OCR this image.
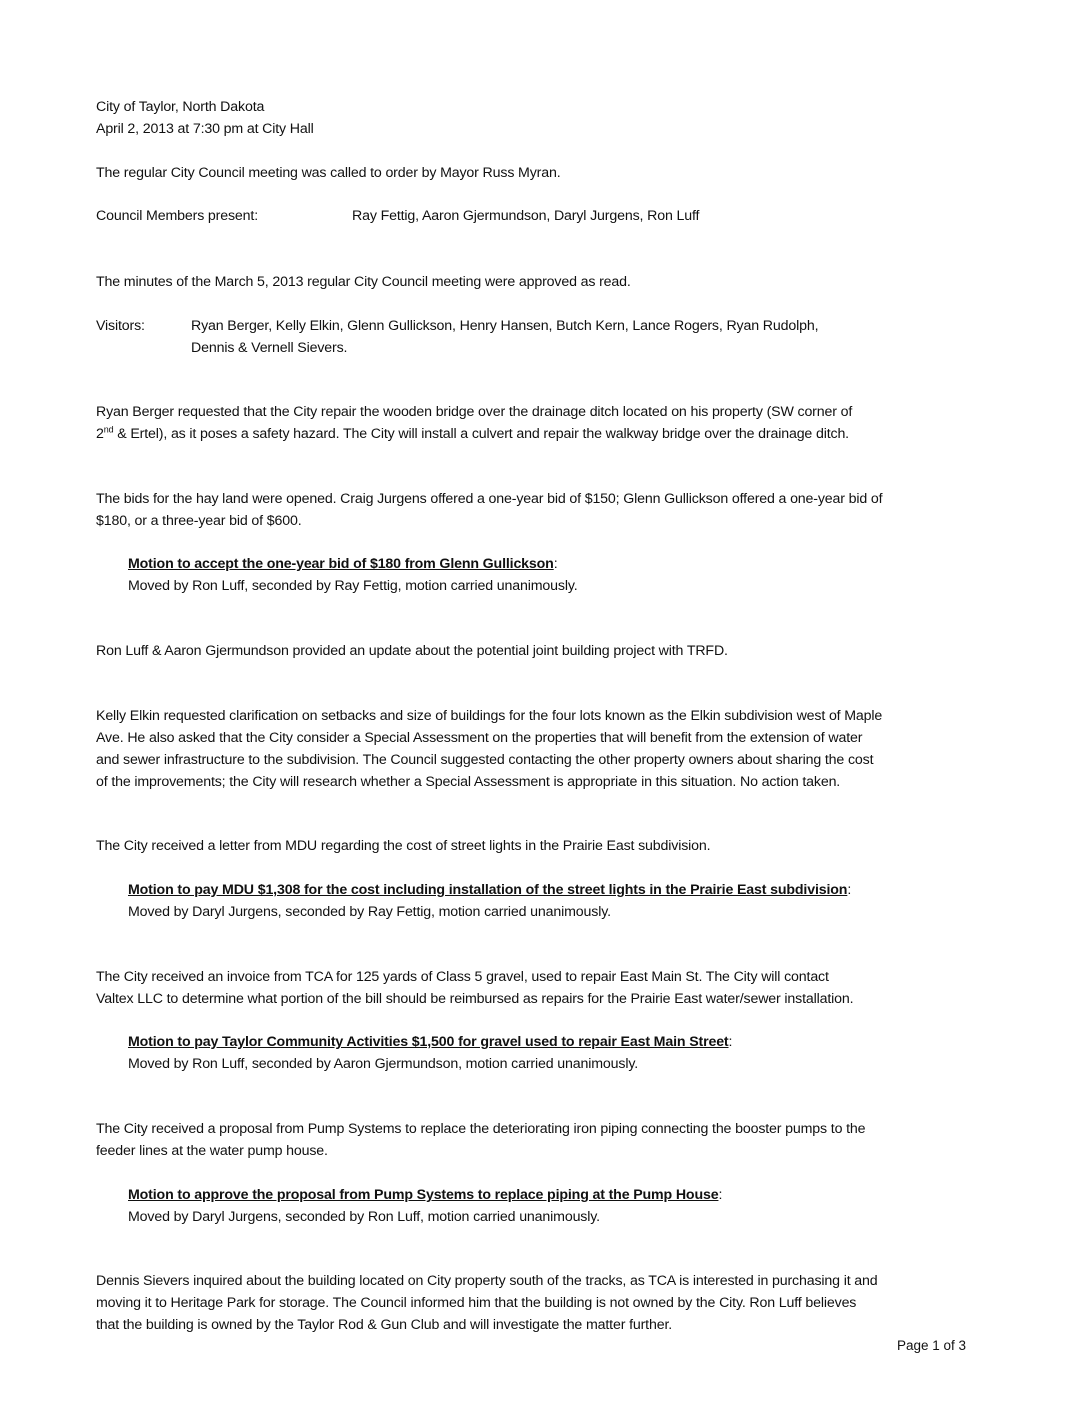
City of Taylor, North Dakota

April 2, 2013 at 7:30 pm at City Hall

The regular City Council meeting was called to order by Mayor Russ Myran.

Council Members present:	Ray Fettig, Aaron Gjermundson, Daryl Jurgens, Ron Luff

The minutes of the March 5, 2013 regular City Council meeting were approved as read.

Visitors:	Ryan Berger, Kelly Elkin, Glenn Gullickson, Henry Hansen, Butch Kern, Lance Rogers, Ryan Rudolph,

Dennis & Vernell Sievers.

Ryan Berger requested that the City repair the wooden bridge over the drainage ditch located on his property (SW corner of

2nd & Ertel), as it poses a safety hazard. The City will install a culvert and repair the walkway bridge over the drainage ditch.

The bids for the hay land were opened. Craig Jurgens offered a one-year bid of $150; Glenn Gullickson offered a one-year bid of

$180, or a three-year bid of $600.

Motion to accept the one-year bid of $180 from Glenn Gullickson:

Moved by Ron Luff, seconded by Ray Fettig, motion carried unanimously.

Ron Luff & Aaron Gjermundson provided an update about the potential joint building project with TRFD.

Kelly Elkin requested clarification on setbacks and size of buildings for the four lots known as the Elkin subdivision west of Maple

Ave. He also asked that the City consider a Special Assessment on the properties that will benefit from the extension of water

and sewer infrastructure to the subdivision. The Council suggested contacting the other property owners about sharing the cost

of the improvements; the City will research whether a Special Assessment is appropriate in this situation. No action taken.

The City received a letter from MDU regarding the cost of street lights in the Prairie East subdivision.

Motion to pay MDU $1,308 for the cost including installation of the street lights in the Prairie East subdivision:

Moved by Daryl Jurgens, seconded by Ray Fettig, motion carried unanimously.

The City received an invoice from TCA for 125 yards of Class 5 gravel, used to repair East Main St. The City will contact

Valtex LLC to determine what portion of the bill should be reimbursed as repairs for the Prairie East water/sewer installation.

Motion to pay Taylor Community Activities $1,500 for gravel used to repair East Main Street:

Moved by Ron Luff, seconded by Aaron Gjermundson, motion carried unanimously.

The City received a proposal from Pump Systems to replace the deteriorating iron piping connecting the booster pumps to the

feeder lines at the water pump house.

Motion to approve the proposal from Pump Systems to replace piping at the Pump House:

Moved by Daryl Jurgens, seconded by Ron Luff, motion carried unanimously.

Dennis Sievers inquired about the building located on City property south of the tracks, as TCA is interested in purchasing it and

moving it to Heritage Park for storage. The Council informed him that the building is not owned by the City. Ron Luff believes

that the building is owned by the Taylor Rod & Gun Club and will investigate the matter further.

Page 1 of 3
